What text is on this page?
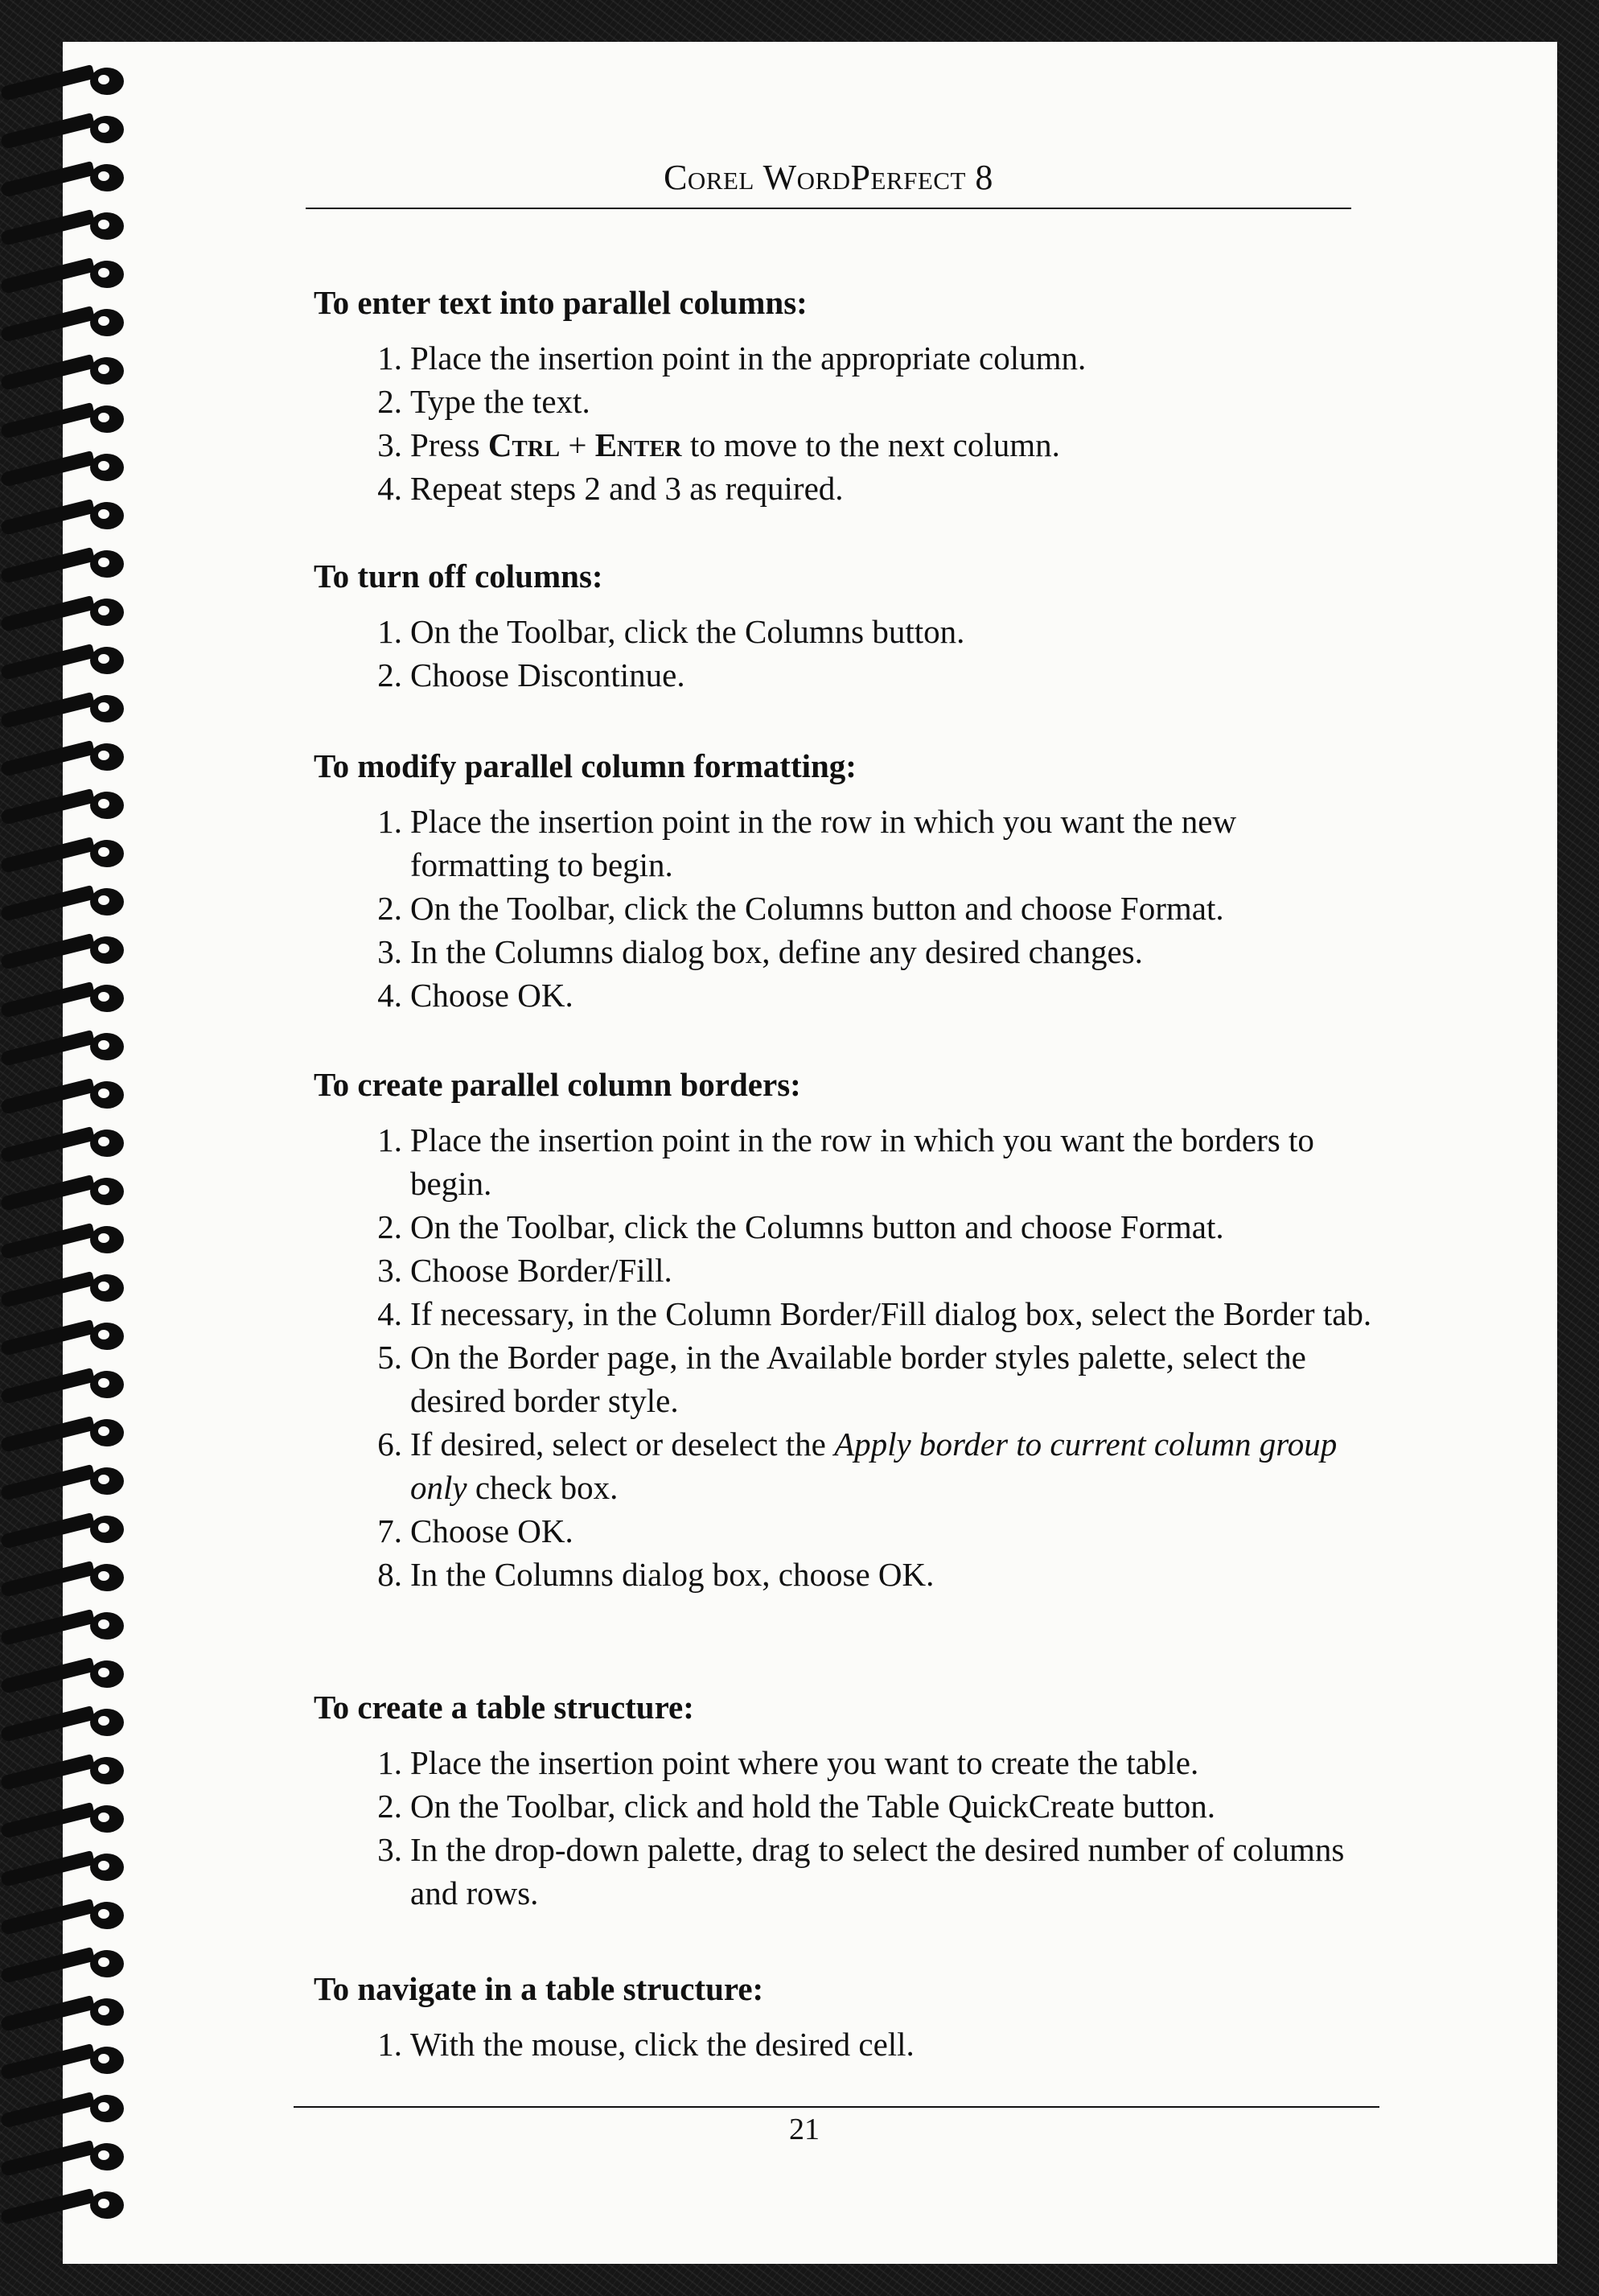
Corel WordPerfect 8
To enter text into parallel columns:
1. Place the insertion point in the appropriate column.
2. Type the text.
3. Press Ctrl + Enter to move to the next column.
4. Repeat steps 2 and 3 as required.
To turn off columns:
1. On the Toolbar, click the Columns button.
2. Choose Discontinue.
To modify parallel column formatting:
1. Place the insertion point in the row in which you want the new formatting to begin.
2. On the Toolbar, click the Columns button and choose Format.
3. In the Columns dialog box, define any desired changes.
4. Choose OK.
To create parallel column borders:
1. Place the insertion point in the row in which you want the borders to begin.
2. On the Toolbar, click the Columns button and choose Format.
3. Choose Border/Fill.
4. If necessary, in the Column Border/Fill dialog box, select the Border tab.
5. On the Border page, in the Available border styles palette, select the desired border style.
6. If desired, select or deselect the Apply border to current column group only check box.
7. Choose OK.
8. In the Columns dialog box, choose OK.
To create a table structure:
1. Place the insertion point where you want to create the table.
2. On the Toolbar, click and hold the Table QuickCreate button.
3. In the drop-down palette, drag to select the desired number of columns and rows.
To navigate in a table structure:
1. With the mouse, click the desired cell.
21
